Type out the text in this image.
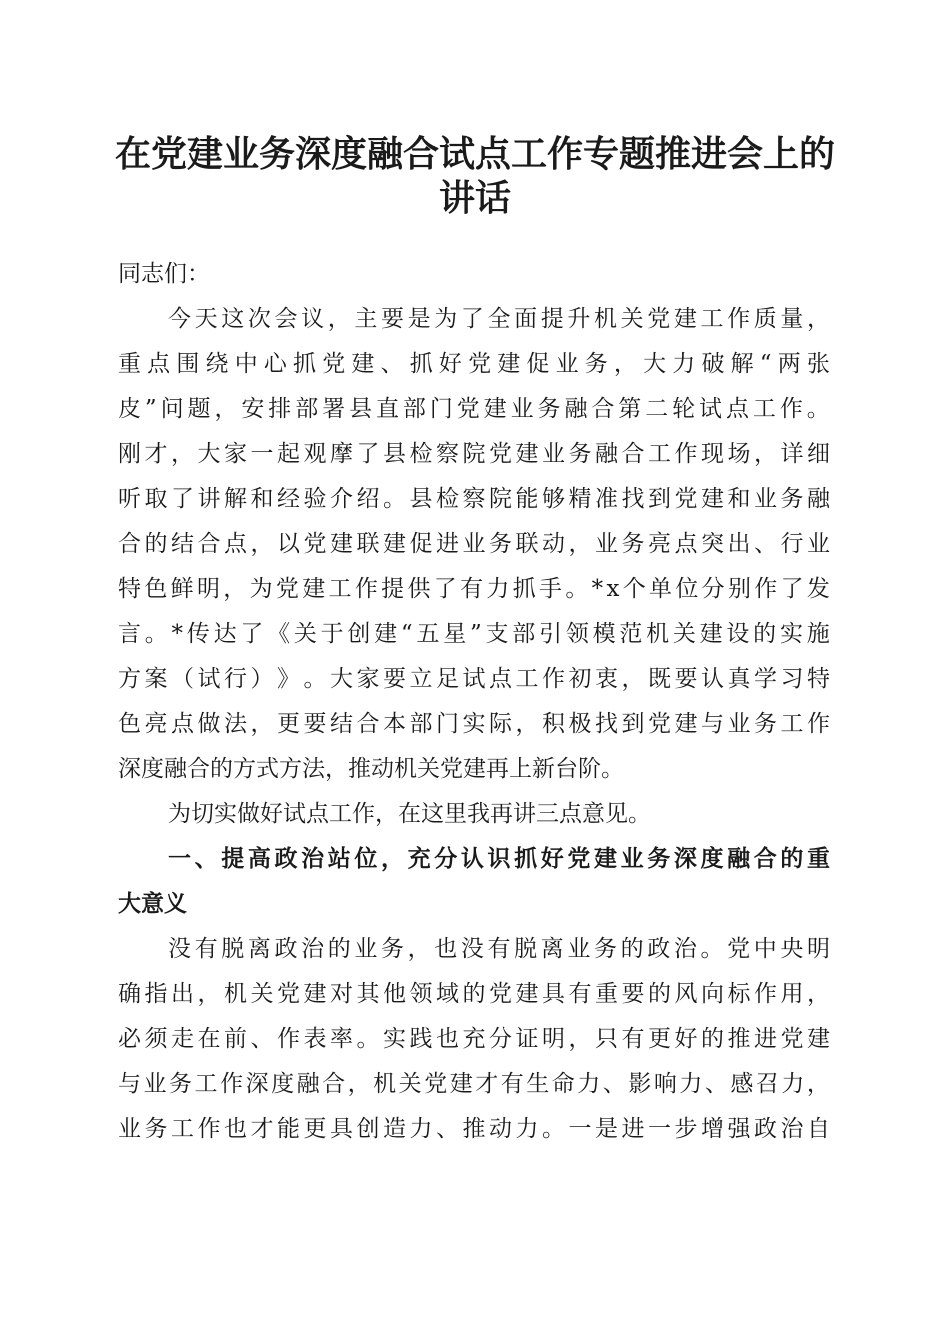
在党建业务深度融合试点工作专题推进会上的
讲话

同志们：

今 天 这 次 会 议 ， 主 要 是 为 了 全 面 提 升 机 关 党 建 工 作 质 量 ，
重 点 围 绕 中 心 抓 党 建 、 抓 好 党 建 促 业 务 ， 大 力 破 解 “ 两 张
皮 ” 问 题 ， 安 排 部 署 县 直 部 门 党 建 业 务 融 合 第 二 轮 试 点 工 作 。
刚 才 ， 大 家 一 起 观 摩 了 县 检 察 院 党 建 业 务 融 合 工 作 现 场 ， 详 细
听 取 了 讲 解 和 经 验 介 绍 。 县 检 察 院 能 够 精 准 找 到 党 建 和 业 务 融
合 的 结 合 点 ， 以 党 建 联 建 促 进 业 务 联 动 ， 业 务 亮 点 突 出 、 行 业
特 色 鲜 明 ， 为 党 建 工 作 提 供 了 有 力 抓 手 。 * x 个 单 位 分 别 作 了 发
言 。 * 传 达 了 《 关 于 创 建 “ 五 星 ” 支 部 引 领 模 范 机 关 建 设 的 实 施
方 案 （ 试 行 ） 》 。 大 家 要 立 足 试 点 工 作 初 衷 ， 既 要 认 真 学 习 特
色 亮 点 做 法 ， 更 要 结 合 本 部 门 实 际 ， 积 极 找 到 党 建 与 业 务 工 作
深度融合的方式方法，推动机关党建再上新台阶。
为切实做好试点工作，在这里我再讲三点意见。
一 、 提 高 政 治 站 位 ， 充 分 认 识 抓 好 党 建 业 务 深 度 融 合 的 重
大意义
没 有 脱 离 政 治 的 业 务 ， 也 没 有 脱 离 业 务 的 政 治 。 党 中 央 明
确 指 出 ， 机 关 党 建 对 其 他 领 域 的 党 建 具 有 重 要 的 风 向 标 作 用 ，
必 须 走 在 前 、 作 表 率 。 实 践 也 充 分 证 明 ， 只 有 更 好 的 推 进 党 建
与 业 务 工 作 深 度 融 合 ， 机 关 党 建 才 有 生 命 力 、 影 响 力 、 感 召 力 ，
业 务 工 作 也 才 能 更 具 创 造 力 、 推 动 力 。 一 是 进 一 步 增 强 政 治 自
